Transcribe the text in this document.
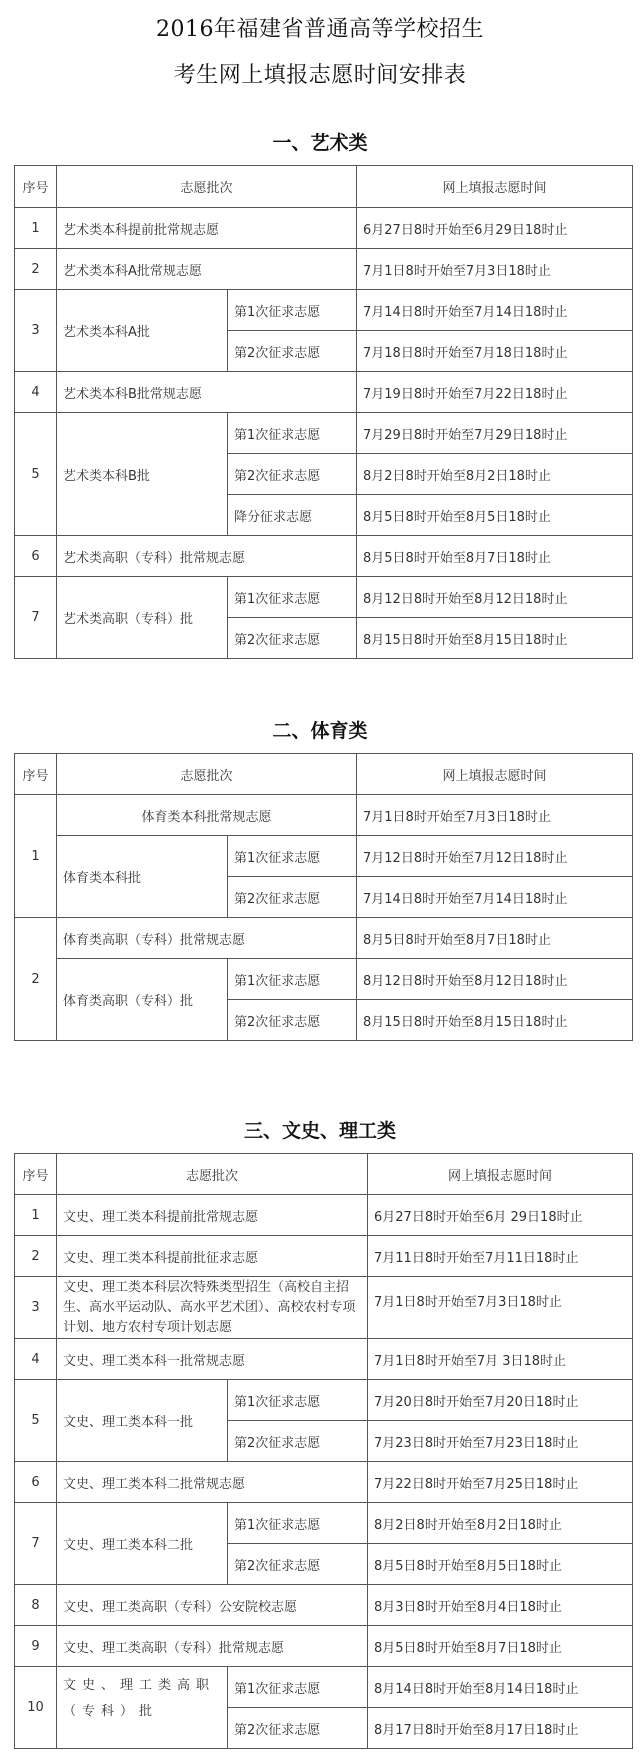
2016年福建省普通高等学校招生
考生网上填报志愿时间安排表
一、艺术类
序号	志愿批次		网上填报志愿时间
1	艺术类本科提前批常规志愿		6月27日8时开始至6月29日18时止
2	艺术类本科A批常规志愿		7月1日8时开始至7月3日18时止
3	艺术类本科A批	第1次征求志愿	7月14日8时开始至7月14日18时止
		第2次征求志愿	7月18日8时开始至7月18日18时止
4	艺术类本科B批常规志愿		7月19日8时开始至7月22日18时止
5	艺术类本科B批	第1次征求志愿	7月29日8时开始至7月29日18时止
		第2次征求志愿	8月2日8时开始至8月2日18时止
		降分征求志愿	8月5日8时开始至8月5日18时止
6	艺术类高职（专科）批常规志愿		8月5日8时开始至8月7日18时止
7	艺术类高职（专科）批	第1次征求志愿	8月12日8时开始至8月12日18时止
		第2次征求志愿	8月15日8时开始至8月15日18时止
二、体育类
序号	志愿批次		网上填报志愿时间
1	体育类本科批常规志愿		7月1日8时开始至7月3日18时止
	体育类本科批	第1次征求志愿	7月12日8时开始至7月12日18时止
		第2次征求志愿	7月14日8时开始至7月14日18时止
2	体育类高职（专科）批常规志愿		8月5日8时开始至8月7日18时止
	体育类高职（专科）批	第1次征求志愿	8月12日8时开始至8月12日18时止
		第2次征求志愿	8月15日8时开始至8月15日18时止
三、文史、理工类
序号	志愿批次		网上填报志愿时间
1	文史、理工类本科提前批常规志愿		6月27日8时开始至6月 29日18时止
2	文史、理工类本科提前批征求志愿		7月11日8时开始至7月11日18时止
3	文史、理工类本科层次特殊类型招生（高校自主招生、高水平运动队、高水平艺术团）、高校农村专项计划、地方农村专项计划志愿		7月1日8时开始至7月3日18时止
4	文史、理工类本科一批常规志愿		7月1日8时开始至7月 3日18时止
5	文史、理工类本科一批	第1次征求志愿	7月20日8时开始至7月20日18时止
		第2次征求志愿	7月23日8时开始至7月23日18时止
6	文史、理工类本科二批常规志愿		7月22日8时开始至7月25日18时止
7	文史、理工类本科二批	第1次征求志愿	8月2日8时开始至8月2日18时止
		第2次征求志愿	8月5日8时开始至8月5日18时止
8	文史、理工类高职（专科）公安院校志愿		8月3日8时开始至8月4日18时止
9	文史、理工类高职（专科）批常规志愿		8月5日8时开始至8月7日18时止
10	文史、理工类高职（专科）批	第1次征求志愿	8月14日8时开始至8月14日18时止
		第2次征求志愿	8月17日8时开始至8月17日18时止
